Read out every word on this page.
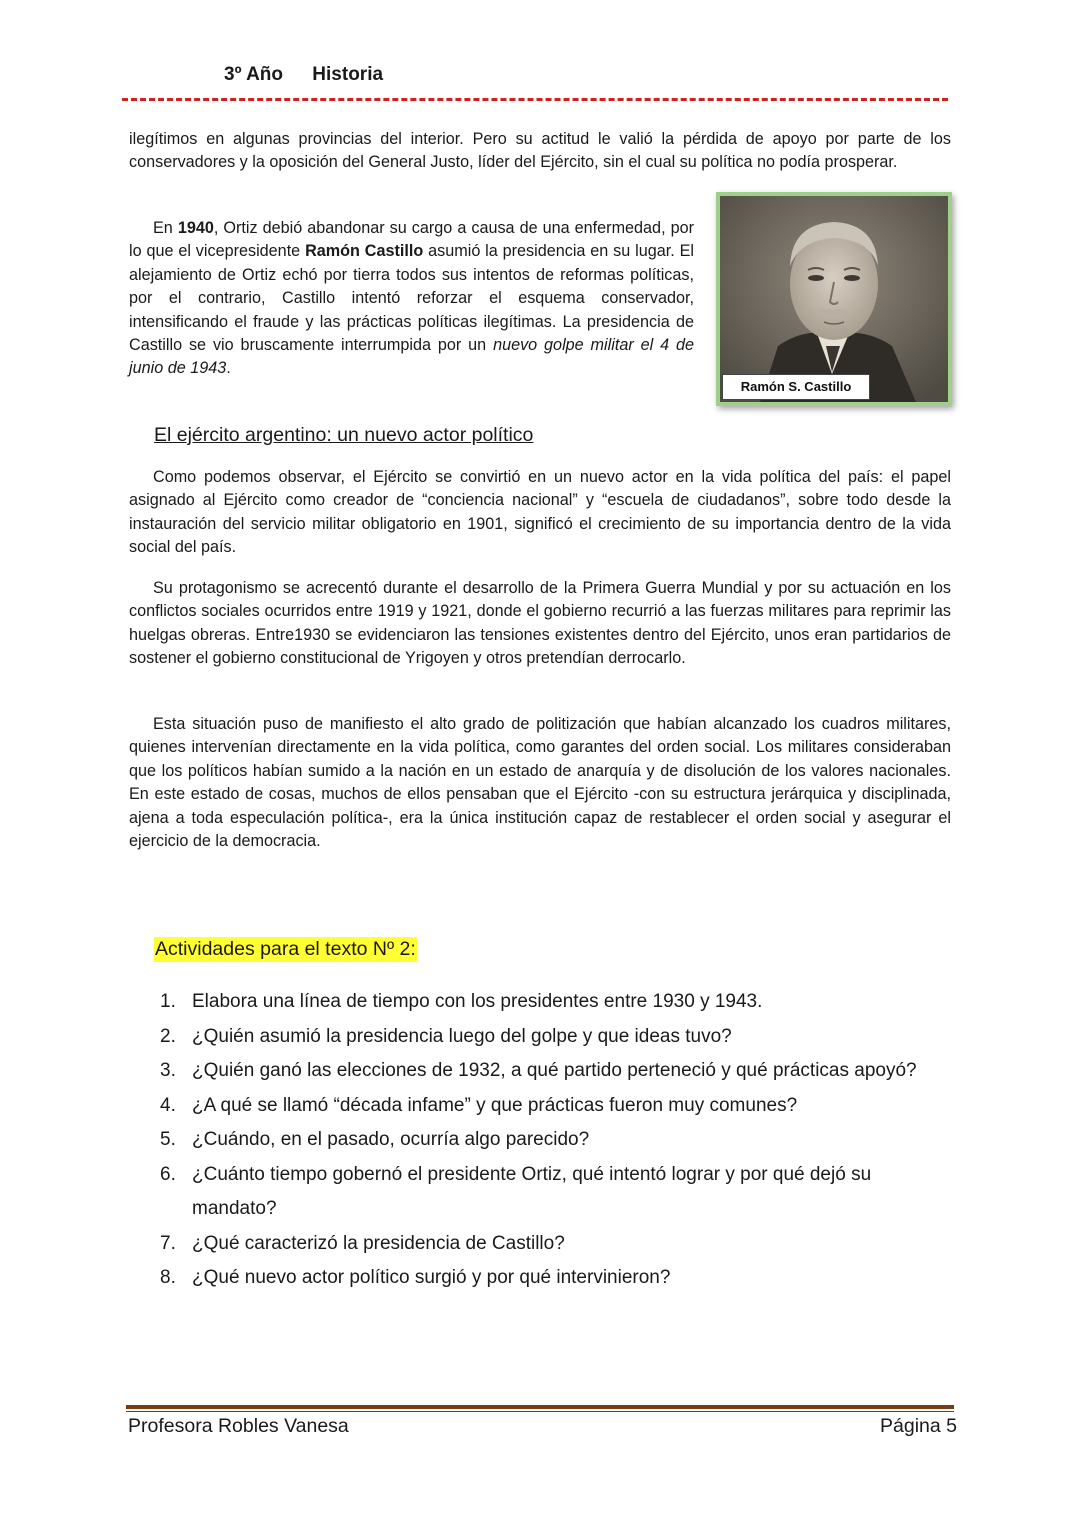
3º Año Historia

ilegítimos en algunas provincias del interior. Pero su actitud le valió la pérdida de apoyo por parte de los conservadores y la oposición del General Justo, líder del Ejército, sin el cual su política no podía prosperar.

En 1940, Ortiz debió abandonar su cargo a causa de una enfermedad, por lo que el vicepresidente Ramón Castillo asumió la presidencia en su lugar. El alejamiento de Ortiz echó por tierra todos sus intentos de reformas políticas, por el contrario, Castillo intentó reforzar el esquema conservador, intensificando el fraude y las prácticas políticas ilegítimas. La presidencia de Castillo se vio bruscamente interrumpida por un nuevo golpe militar el 4 de junio de 1943.

Ramón S. Castillo
El ejército argentino: un nuevo actor político

Como podemos observar, el Ejército se convirtió en un nuevo actor en la vida política del país: el papel asignado al Ejército como creador de “conciencia nacional” y “escuela de ciudadanos”, sobre todo desde la instauración del servicio militar obligatorio en 1901, significó el crecimiento de su importancia dentro de la vida social del país.

Su protagonismo se acrecentó durante el desarrollo de la Primera Guerra Mundial y por su actuación en los conflictos sociales ocurridos entre 1919 y 1921, donde el gobierno recurrió a las fuerzas militares para reprimir las huelgas obreras. Entre1930 se evidenciaron las tensiones existentes dentro del Ejército, unos eran partidarios de sostener el gobierno constitucional de Yrigoyen y otros pretendían derrocarlo.

Esta situación puso de manifiesto el alto grado de politización que habían alcanzado los cuadros militares, quienes intervenían directamente en la vida política, como garantes del orden social. Los militares consideraban que los políticos habían sumido a la nación en un estado de anarquía y de disolución de los valores nacionales. En este estado de cosas, muchos de ellos pensaban que el Ejército -con su estructura jerárquica y disciplinada, ajena a toda especulación política-, era la única institución capaz de restablecer el orden social y asegurar el ejercicio de la democracia.

Actividades para el texto Nº 2:
1. Elabora una línea de tiempo con los presidentes entre 1930 y 1943.
2. ¿Quién asumió la presidencia luego del golpe y que ideas tuvo?
3. ¿Quién ganó las elecciones de 1932, a qué partido perteneció y qué prácticas apoyó?
4. ¿A qué se llamó “década infame” y que prácticas fueron muy comunes?
5. ¿Cuándo, en el pasado, ocurría algo parecido?
6. ¿Cuánto tiempo gobernó el presidente Ortiz, qué intentó lograr y por qué dejó su mandato?
7. ¿Qué caracterizó la presidencia de Castillo?
8. ¿Qué nuevo actor político surgió y por qué intervinieron?
Profesora Robles Vanesa	Página 5
